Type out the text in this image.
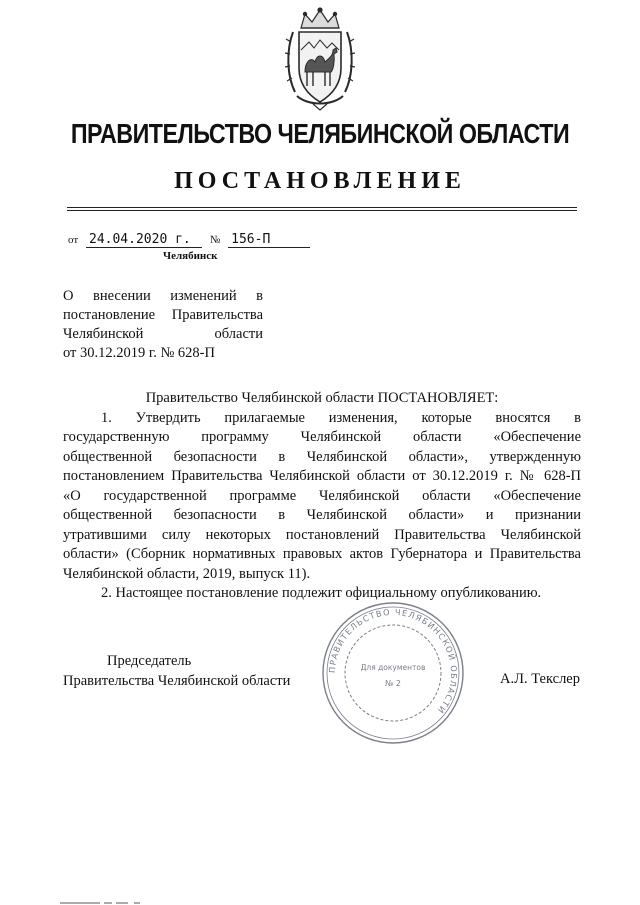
ПРАВИТЕЛЬСТВО ЧЕЛЯБИНСКОЙ ОБЛАСТИ
ПОСТАНОВЛЕНИЕ
от 24.04.2020 г. № 156-П
Челябинск
О внесении изменений в
постановление Правительства
Челябинской области
от 30.12.2019 г. № 628-П
Правительство Челябинской области ПОСТАНОВЛЯЕТ:
1. Утвердить прилагаемые изменения, которые вносятся в
государственную программу Челябинской области «Обеспечение
общественной безопасности в Челябинской области», утвержденную
постановлением Правительства Челябинской области от 30.12.2019 г. № 628-П
«О государственной программе Челябинской области «Обеспечение
общественной безопасности в Челябинской области» и признании
утратившими силу некоторых постановлений Правительства Челябинской
области» (Сборник нормативных правовых актов Губернатора и Правительства
Челябинской области, 2019, выпуск 11).
2. Настоящее постановление подлежит официальному опубликованию.
ПРАВИТЕЛЬСТВО ЧЕЛЯБИНСКОЙ ОБЛАСТИ
Для документов
№ 2
Председатель
Правительства Челябинской области	А.Л. Текслер
